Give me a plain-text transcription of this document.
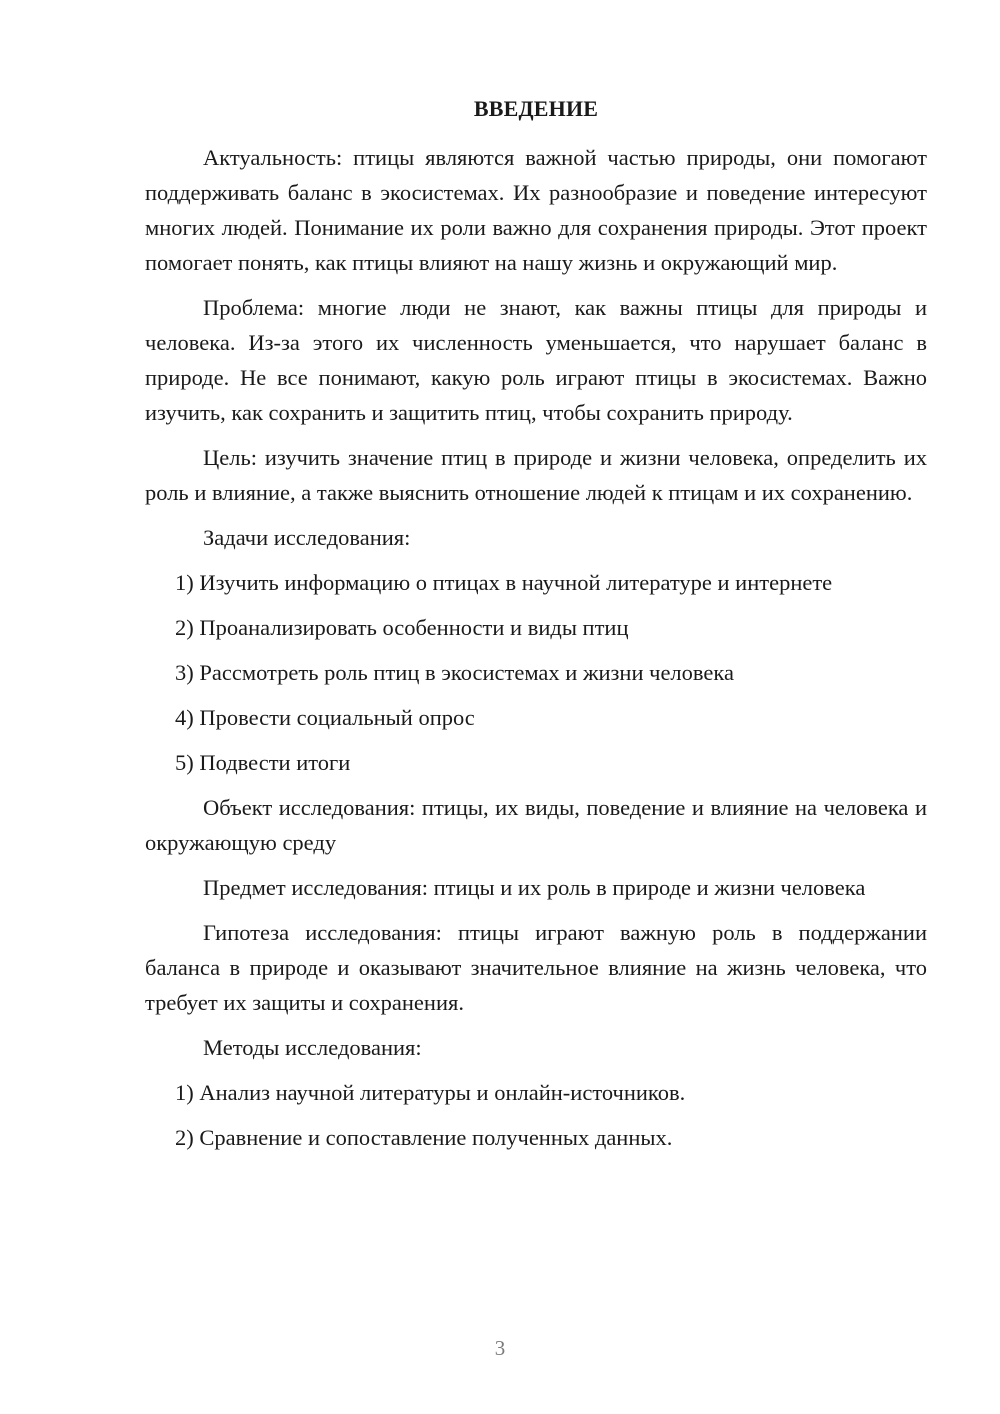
ВВЕДЕНИЕ

Актуальность: птицы являются важной частью природы, они помогают поддерживать баланс в экосистемах. Их разнообразие и поведение интересуют многих людей. Понимание их роли важно для сохранения природы. Этот проект помогает понять, как птицы влияют на нашу жизнь и окружающий мир.

Проблема: многие люди не знают, как важны птицы для природы и человека. Из-за этого их численность уменьшается, что нарушает баланс в природе. Не все понимают, какую роль играют птицы в экосистемах. Важно изучить, как сохранить и защитить птиц, чтобы сохранить природу.

Цель: изучить значение птиц в природе и жизни человека, определить их роль и влияние, а также выяснить отношение людей к птицам и их сохранению.

Задачи исследования:

1) Изучить информацию о птицах в научной литературе и интернете

2) Проанализировать особенности и виды птиц

3) Рассмотреть роль птиц в экосистемах и жизни человека

4) Провести социальный опрос

5) Подвести итоги

Объект исследования: птицы, их виды, поведение и влияние на человека и окружающую среду

Предмет исследования: птицы и их роль в природе и жизни человека

Гипотеза исследования: птицы играют важную роль в поддержании баланса в природе и оказывают значительное влияние на жизнь человека, что требует их защиты и сохранения.

Методы исследования:

1) Анализ научной литературы и онлайн-источников.

2) Сравнение и сопоставление полученных данных.

3
